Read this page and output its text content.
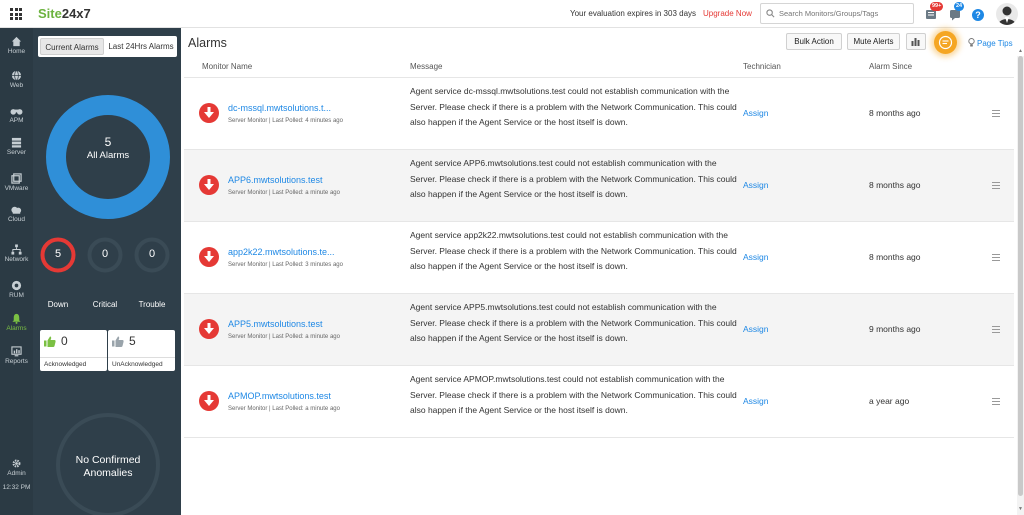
Site24x7	Your evaluation expires in 303 days Upgrade Now
Search Monitors/Groups/Tags
99+	24
?
Home
Web
APM
Server
VMware
Cloud
Network
RUM
Alarms
Reports
Admin
12:32 PM
Current Alarms	Last 24Hrs Alarms
5
All Alarms
5
Down
0
Critical
0
Trouble
0
Acknowledged
5
UnAcknowledged
No Confirmed Anomalies
Alarms	Bulk Action	Mute Alerts	Page Tips
Monitor Name	Message	Technician	Alarm Since
dc-mssql.mwtsolutions.t...
Server Monitor | Last Polled: 4 minutes ago
Agent service dc-mssql.mwtsolutions.test could not establish communication with the Server. Please check if there is a problem with the Network Communication. This could also happen if the Agent Service or the host itself is down.
Assign	8 months ago
APP6.mwtsolutions.test
Server Monitor | Last Polled: a minute ago
Agent service APP6.mwtsolutions.test could not establish communication with the Server. Please check if there is a problem with the Network Communication. This could also happen if the Agent Service or the host itself is down.
Assign	8 months ago
app2k22.mwtsolutions.te...
Server Monitor | Last Polled: 3 minutes ago
Agent service app2k22.mwtsolutions.test could not establish communication with the Server. Please check if there is a problem with the Network Communication. This could also happen if the Agent Service or the host itself is down.
Assign	8 months ago
APP5.mwtsolutions.test
Server Monitor | Last Polled: a minute ago
Agent service APP5.mwtsolutions.test could not establish communication with the Server. Please check if there is a problem with the Network Communication. This could also happen if the Agent Service or the host itself is down.
Assign	9 months ago
APMOP.mwtsolutions.test
Server Monitor | Last Polled: a minute ago
Agent service APMOP.mwtsolutions.test could not establish communication with the Server. Please check if there is a problem with the Network Communication. This could also happen if the Agent Service or the host itself is down.
Assign	a year ago
▲
▼
